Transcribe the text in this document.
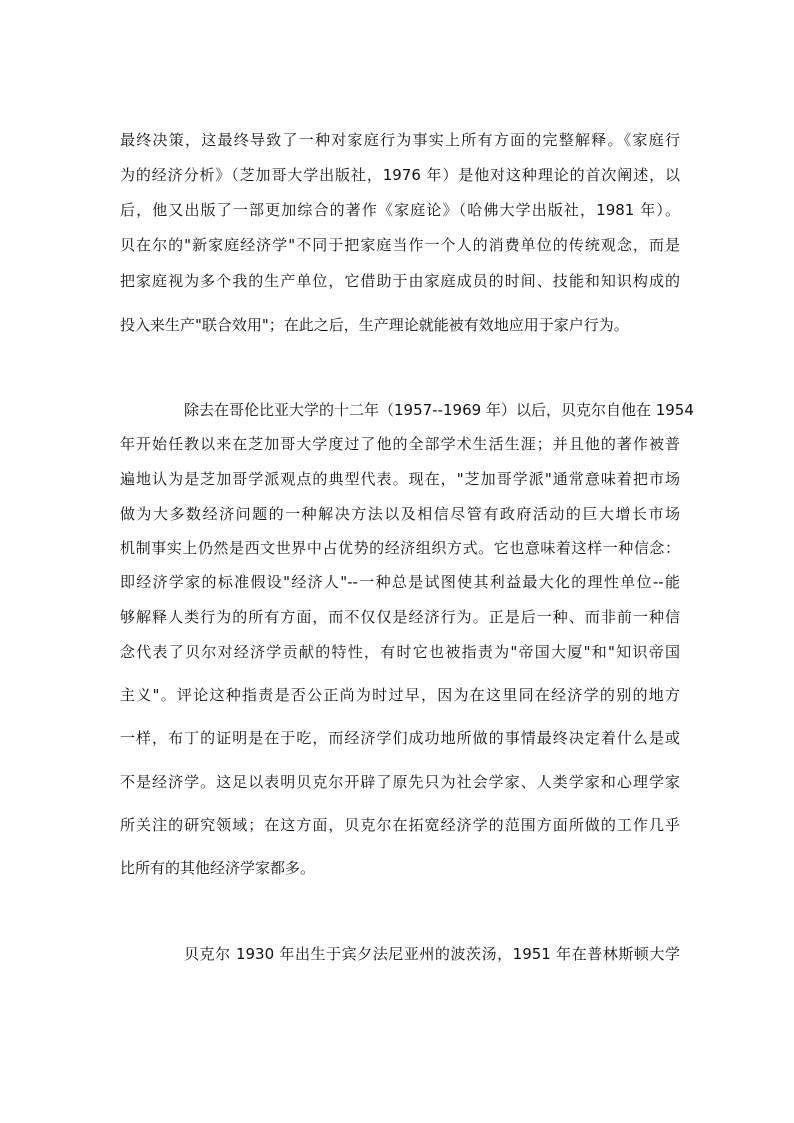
最终决策，这最终导致了一种对家庭行为事实上所有方面的完整解释。《家庭行
为的经济分析》（芝加哥大学出版社，1976 年）是他对这种理论的首次阐述，以
后，他又出版了一部更加综合的著作《家庭论》（哈佛大学出版社，1981 年）。
贝在尔的"新家庭经济学"不同于把家庭当作一个人的消费单位的传统观念，而是
把家庭视为多个我的生产单位，它借助于由家庭成员的时间、技能和知识构成的
投入来生产"联合效用"；在此之后，生产理论就能被有效地应用于家户行为。
除去在哥伦比亚大学的十二年（1957--1969 年）以后，贝克尔自他在 1954
年开始任教以来在芝加哥大学度过了他的全部学术生活生涯；并且他的著作被普
遍地认为是芝加哥学派观点的典型代表。现在，"芝加哥学派"通常意味着把市场
做为大多数经济问题的一种解决方法以及相信尽管有政府活动的巨大增长市场
机制事实上仍然是西文世界中占优势的经济组织方式。它也意味着这样一种信念：
即经济学家的标准假设"经济人"--一种总是试图使其利益最大化的理性单位--能
够解释人类行为的所有方面，而不仅仅是经济行为。正是后一种、而非前一种信
念代表了贝尔对经济学贡献的特性，有时它也被指责为"帝国大厦"和"知识帝国
主义"。评论这种指责是否公正尚为时过早，因为在这里同在经济学的别的地方
一样，布丁的证明是在于吃，而经济学们成功地所做的事情最终决定着什么是或
不是经济学。这足以表明贝克尔开辟了原先只为社会学家、人类学家和心理学家
所关注的研究领域；在这方面，贝克尔在拓宽经济学的范围方面所做的工作几乎
比所有的其他经济学家都多。
贝克尔 1930 年出生于宾夕法尼亚州的波茨汤，1951 年在普林斯顿大学
